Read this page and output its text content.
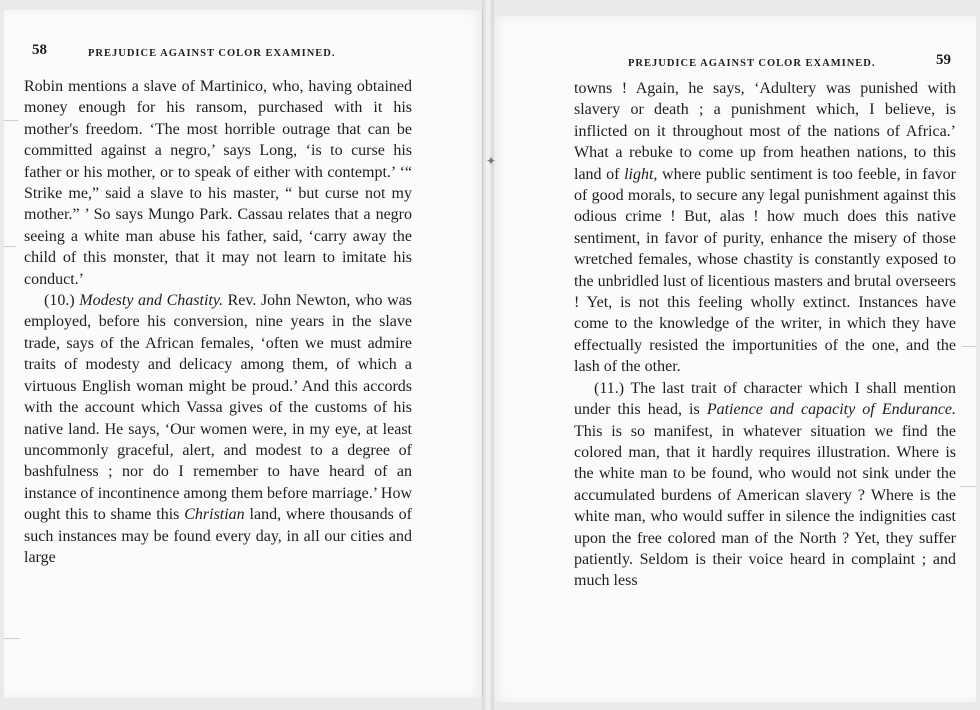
58	PREJUDICE AGAINST COLOR EXAMINED.

Robin mentions a slave of Martinico, who, having obtained money enough for his ransom, purchased with it his mother's freedom. ‘The most horrible outrage that can be committed against a negro,’ says Long, ‘is to curse his father or his mother, or to speak of either with contempt.’ ‘“ Strike me,” said a slave to his master, “ but curse not my mother.” ’ So says Mungo Park. Cassau relates that a negro seeing a white man abuse his father, said, ‘carry away the child of this monster, that it may not learn to imitate his conduct.’

(10.) Modesty and Chastity. Rev. John Newton, who was employed, before his conversion, nine years in the slave trade, says of the African females, ‘often we must admire traits of modesty and delicacy among them, of which a virtuous English woman might be proud.’ And this accords with the account which Vassa gives of the customs of his native land. He says, ‘Our women were, in my eye, at least uncommonly graceful, alert, and modest to a degree of bashfulness ; nor do I remember to have heard of an instance of incontinence among them before marriage.’ How ought this to shame this Christian land, where thousands of such instances may be found every day, in all our cities and large

PREJUDICE AGAINST COLOR EXAMINED.	59

towns ! Again, he says, ‘Adultery was punished with slavery or death ; a punishment which, I believe, is inflicted on it throughout most of the nations of Africa.’ What a rebuke to come up from heathen nations, to this land of light, where public sentiment is too feeble, in favor of good morals, to secure any legal punishment against this odious crime ! But, alas ! how much does this native sentiment, in favor of purity, enhance the misery of those wretched females, whose chastity is constantly exposed to the unbridled lust of licentious masters and brutal overseers ! Yet, is not this feeling wholly extinct. Instances have come to the knowledge of the writer, in which they have effectually resisted the importunities of the one, and the lash of the other.

(11.) The last trait of character which I shall mention under this head, is Patience and capacity of Endurance. This is so manifest, in whatever situation we find the colored man, that it hardly requires illustration. Where is the white man to be found, who would not sink under the accumulated burdens of American slavery ? Where is the white man, who would suffer in silence the indignities cast upon the free colored man of the North ? Yet, they suffer patiently. Seldom is their voice heard in complaint ; and much less

✦
